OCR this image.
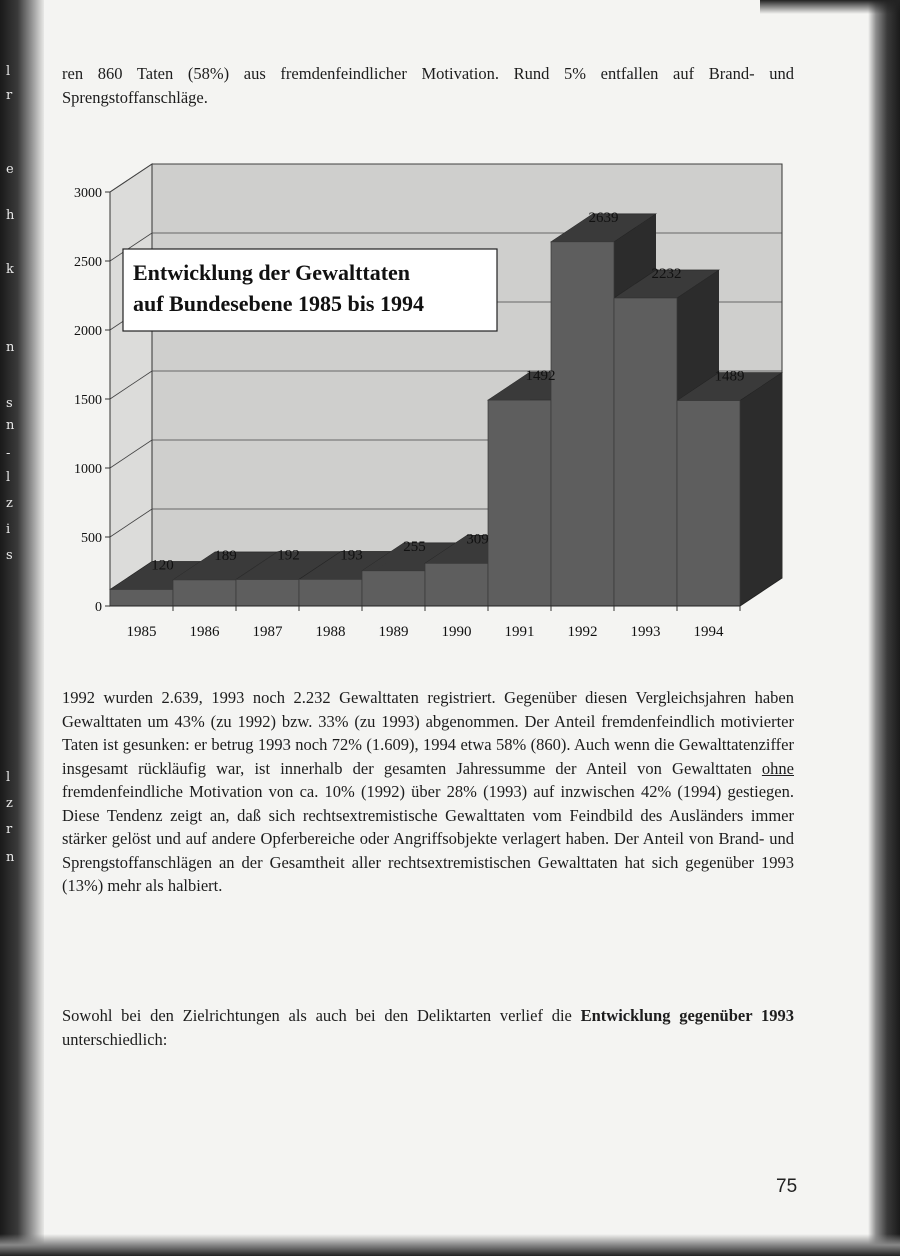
l
r
e
h
k
n
s
n
-
l
z
i
s
l
z
r
n

ren 860 Taten (58%) aus fremdenfeindlicher Motivation. Rund 5% entfallen auf Brand- und Sprengstoffanschläge.

0
500
1000
1500
2000
2500
3000
120
189	192	193
255	309
1492
2639
2232
1489
1985 1986 1987 1988 1989 1990 1991 1992 1993 1994
Entwicklung der Gewalttaten
auf Bundesebene 1985 bis 1994

1992 wurden 2.639, 1993 noch 2.232 Gewalttaten registriert. Gegenüber diesen Vergleichsjahren haben Gewalttaten um 43% (zu 1992) bzw. 33% (zu 1993) abgenommen. Der Anteil fremdenfeindlich motivierter Taten ist gesunken: er betrug 1993 noch 72% (1.609), 1994 etwa 58% (860). Auch wenn die Gewalttatenziffer insgesamt rückläufig war, ist innerhalb der gesamten Jahressumme der Anteil von Gewalttaten ohne fremdenfeindliche Motivation von ca. 10% (1992) über 28% (1993) auf inzwischen 42% (1994) gestiegen. Diese Tendenz zeigt an, daß sich rechtsextremistische Gewalttaten vom Feindbild des Ausländers immer stärker gelöst und auf andere Opferbereiche oder Angriffsobjekte verlagert haben. Der Anteil von Brand- und Sprengstoffanschlägen an der Gesamtheit aller rechtsextremistischen Gewalttaten hat sich gegenüber 1993 (13%) mehr als halbiert.

Sowohl bei den Zielrichtungen als auch bei den Deliktarten verlief die Entwicklung gegenüber 1993 unterschiedlich:

75
